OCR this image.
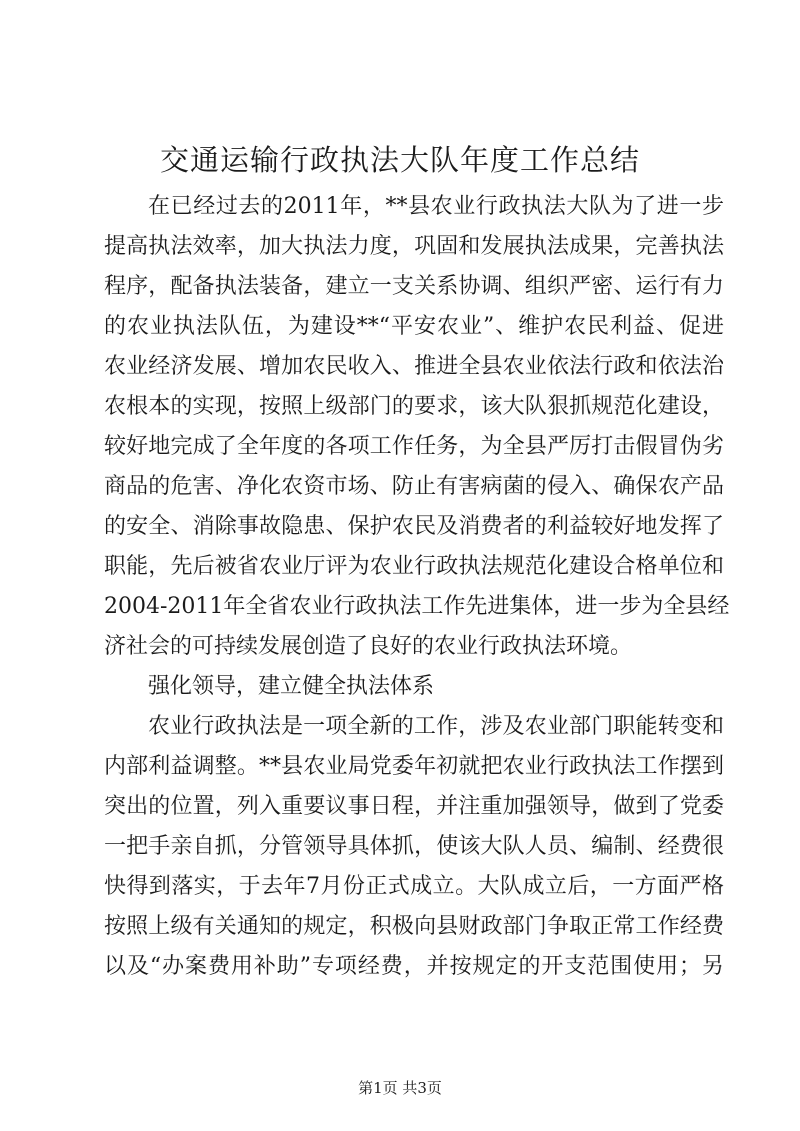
交通运输行政执法大队年度工作总结
在已经过去的2011年，**县农业行政执法大队为了进一步
提高执法效率，加大执法力度，巩固和发展执法成果，完善执法
程序，配备执法装备，建立一支关系协调、组织严密、运行有力
的农业执法队伍，为建设**“平安农业”、维护农民利益、促进
农业经济发展、增加农民收入、推进全县农业依法行政和依法治
农根本的实现，按照上级部门的要求，该大队狠抓规范化建设，
较好地完成了全年度的各项工作任务，为全县严厉打击假冒伪劣
商品的危害、净化农资市场、防止有害病菌的侵入、确保农产品
的安全、消除事故隐患、保护农民及消费者的利益较好地发挥了
职能，先后被省农业厅评为农业行政执法规范化建设合格单位和
2004-2011年全省农业行政执法工作先进集体，进一步为全县经
济社会的可持续发展创造了良好的农业行政执法环境。
强化领导，建立健全执法体系
农业行政执法是一项全新的工作，涉及农业部门职能转变和
内部利益调整。**县农业局党委年初就把农业行政执法工作摆到
突出的位置，列入重要议事日程，并注重加强领导，做到了党委
一把手亲自抓，分管领导具体抓，使该大队人员、编制、经费很
快得到落实，于去年7月份正式成立。大队成立后，一方面严格
按照上级有关通知的规定，积极向县财政部门争取正常工作经费
以及“办案费用补助”专项经费，并按规定的开支范围使用；另
第1页 共3页
